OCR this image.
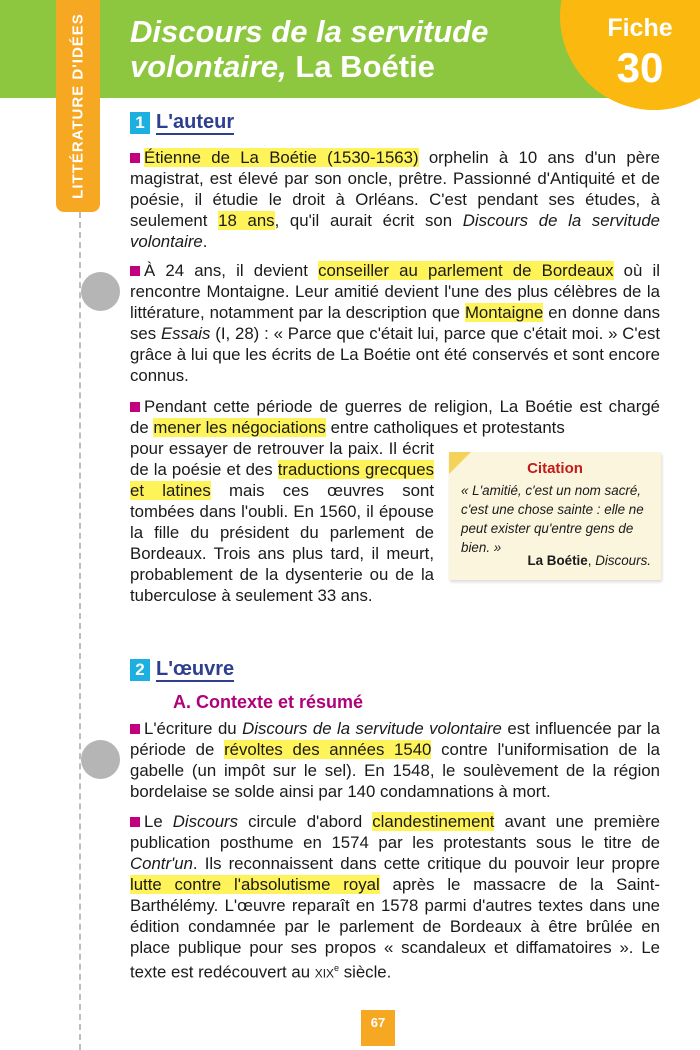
LITTÉRATURE D'IDÉES Discours de la servitude volontaire, La Boétie
Fiche
30
1 L'auteur
Étienne de La Boétie (1530-1563) orphelin à 10 ans d'un père magistrat, est élevé par son oncle, prêtre. Passionné d'Antiquité et de poésie, il étudie le droit à Orléans. C'est pendant ses études, à seulement 18 ans, qu'il aurait écrit son Discours de la servitude volontaire.
À 24 ans, il devient conseiller au parlement de Bordeaux où il rencontre Montaigne. Leur amitié devient l'une des plus célèbres de la littérature, notamment par la description que Montaigne en donne dans ses Essais (I, 28) : « Parce que c'était lui, parce que c'était moi. » C'est grâce à lui que les écrits de La Boétie ont été conservés et sont encore connus.
Pendant cette période de guerres de religion, La Boétie est chargé de mener les négociations entre catholiques et protestants
pour essayer de retrouver la paix. Il écrit de la poésie et des traductions grecques et latines mais ces œuvres sont tombées dans l'oubli. En 1560, il épouse la fille du président du parlement de Bordeaux. Trois ans plus tard, il meurt, probablement de la dysenterie ou de la tuberculose à seulement 33 ans.
Citation
« L'amitié, c'est un nom sacré, c'est une chose sainte : elle ne peut exister qu'entre gens de bien. »
La Boétie, Discours.
2 L'œuvre
A. Contexte et résumé
L'écriture du Discours de la servitude volontaire est influencée par la période de révoltes des années 1540 contre l'uniformisation de la gabelle (un impôt sur le sel). En 1548, le soulèvement de la région bordelaise se solde ainsi par 140 condamnations à mort.
Le Discours circule d'abord clandestinement avant une première publication posthume en 1574 par les protestants sous le titre de Contr'un. Ils reconnaissent dans cette critique du pouvoir leur propre lutte contre l'absolutisme royal après le massacre de la Saint-Barthélémy. L'œuvre reparaît en 1578 parmi d'autres textes dans une édition condamnée par le parlement de Bordeaux à être brûlée en place publique pour ses propos « scandaleux et diffamatoires ». Le texte est redécouvert au XIXe siècle.
67
